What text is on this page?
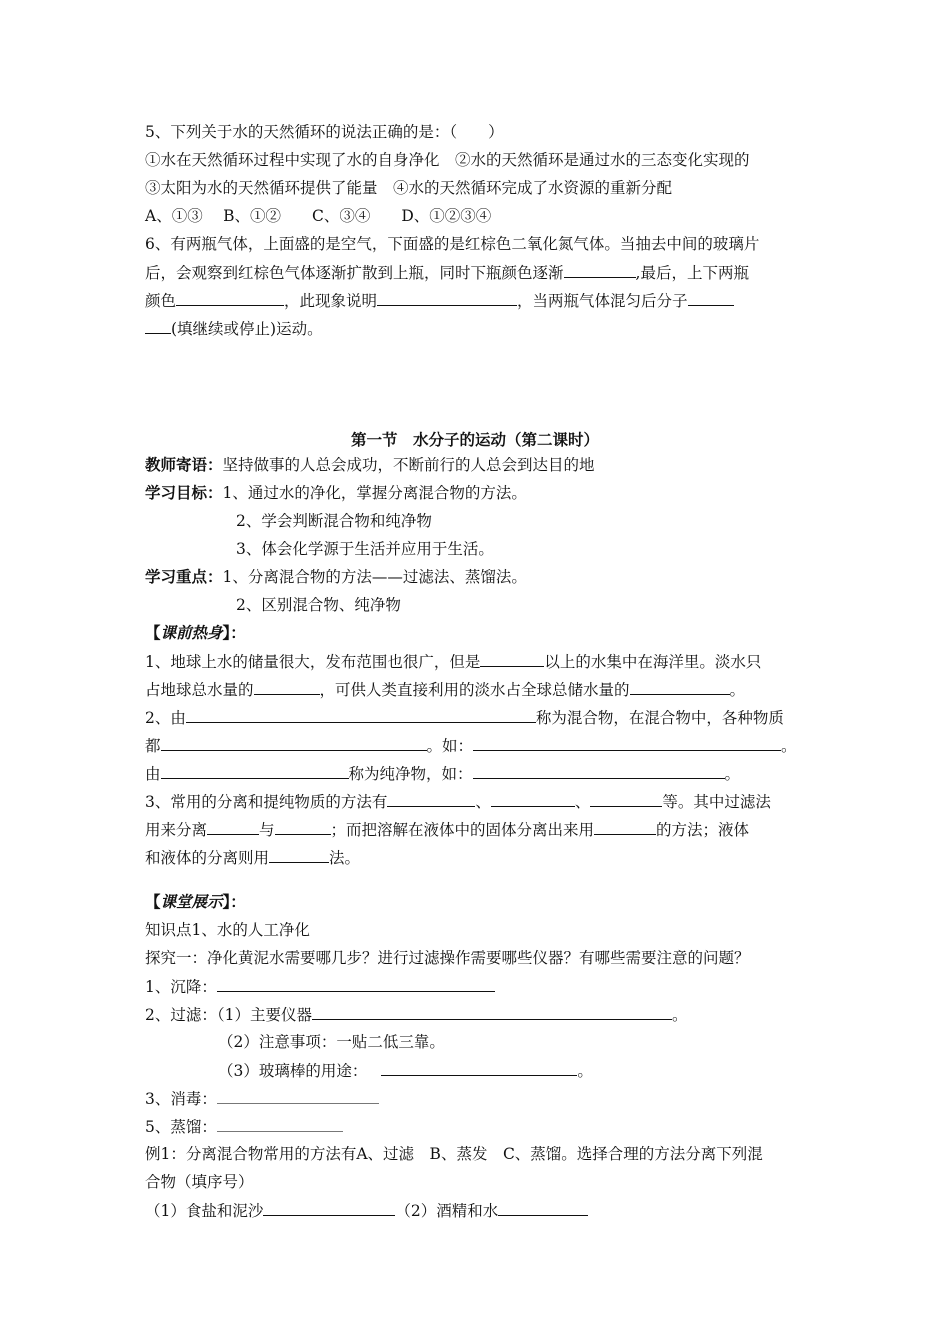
5、下列关于水的天然循环的说法正确的是：（　　）
①水在天然循环过程中实现了水的自身净化　②水的天然循环是通过水的三态变化实现的
③太阳为水的天然循环提供了能量　④水的天然循环完成了水资源的重新分配
A、①③　 B、①②　　C、③④　　D、①②③④
6、有两瓶气体，上面盛的是空气，下面盛的是红棕色二氧化氮气体。当抽去中间的玻璃片
后，会观察到红棕色气体逐渐扩散到上瓶，同时下瓶颜色逐渐	,最后，上下两瓶
颜色	，此现象说明	，当两瓶气体混匀后分子
(填继续或停止)运动。
第一节　水分子的运动（第二课时）
教师寄语：坚持做事的人总会成功，不断前行的人总会到达目的地
学习目标：1、通过水的净化，掌握分离混合物的方法。
2、学会判断混合物和纯净物
3、体会化学源于生活并应用于生活。
学习重点：1、分离混合物的方法——过滤法、蒸馏法。
2、区别混合物、纯净物
【课前热身】：
1、地球上水的储量很大，发布范围也很广，但是	以上的水集中在海洋里。淡水只
占地球总水量的	，可供人类直接利用的淡水占全球总储水量的	。
2、由	称为混合物，在混合物中，各种物质
都	。如：	。
由	称为纯净物，如：	。
3、常用的分离和提纯物质的方法有	、	、	等。其中过滤法
用来分离	与	；而把溶解在液体中的固体分离出来用	的方法；液体
和液体的分离则用	法。
【课堂展示】：
知识点1、水的人工净化
探究一：净化黄泥水需要哪几步？进行过滤操作需要哪些仪器？有哪些需要注意的问题？
1、沉降：
2、过滤：（1）主要仪器	。
（2）注意事项：一贴二低三靠。
（3）玻璃棒的用途：	。
3、消毒：
5、蒸馏：
例1：分离混合物常用的方法有A、过滤　B、蒸发　C、蒸馏。选择合理的方法分离下列混
合物（填序号）
（1）食盐和泥沙	（2）酒精和水
